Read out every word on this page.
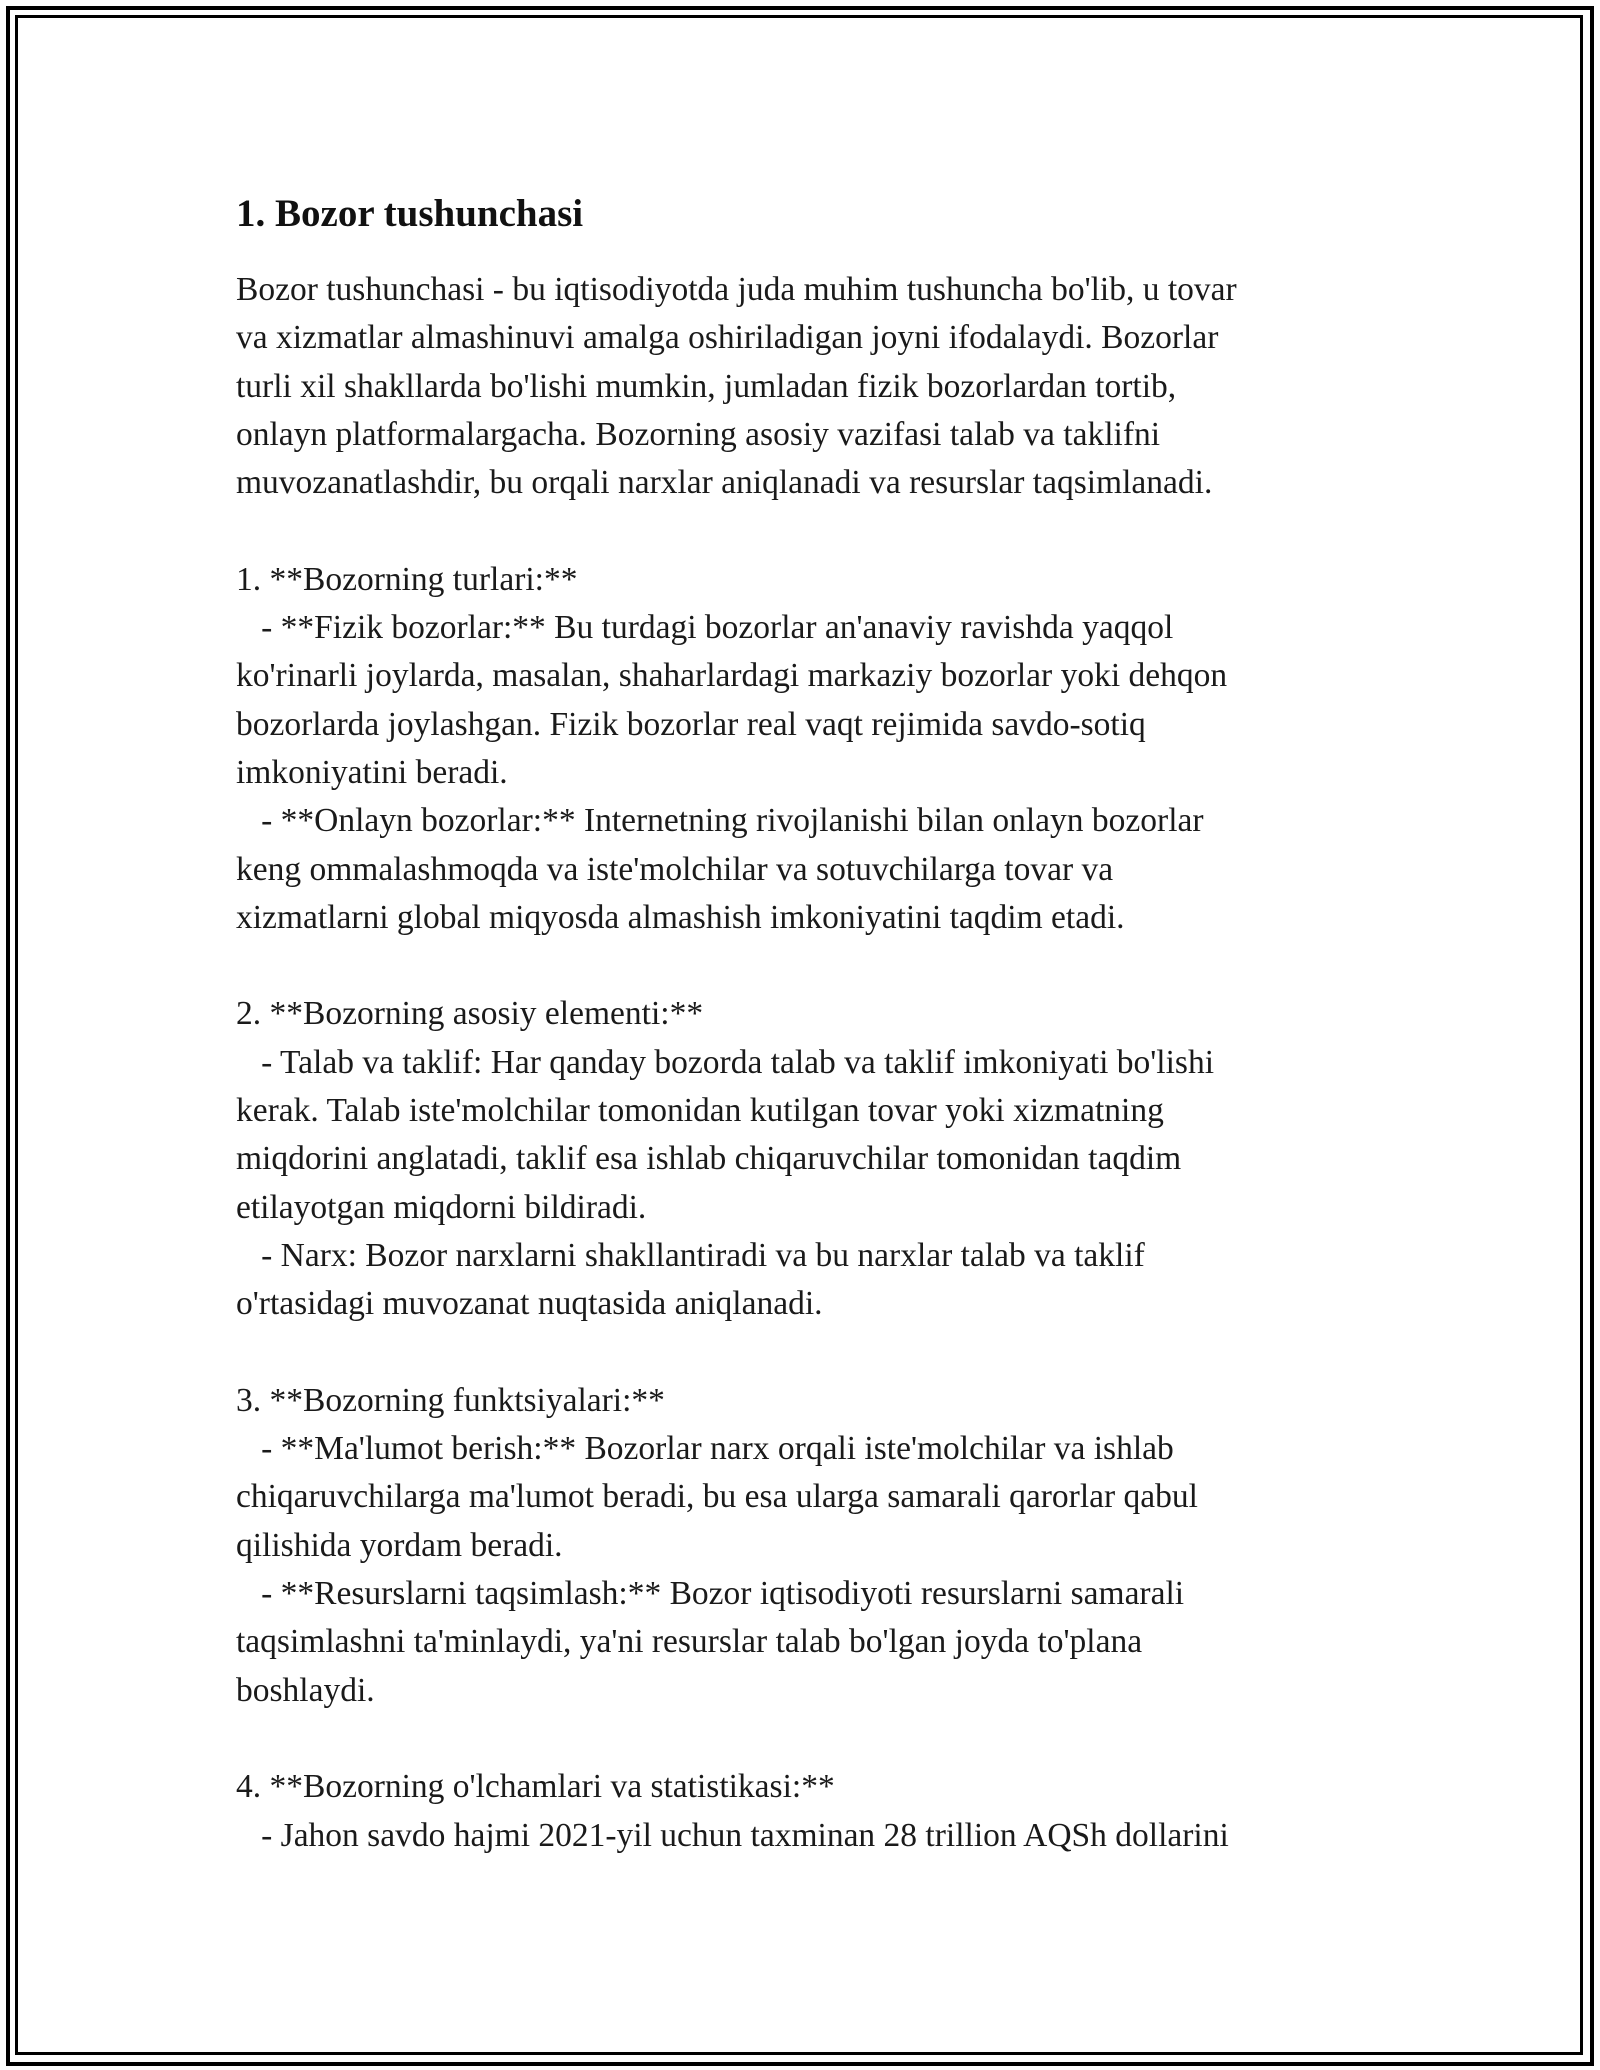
1. Bozor tushunchasi
Bozor tushunchasi - bu iqtisodiyotda juda muhim tushuncha bo'lib, u tovar
va xizmatlar almashinuvi amalga oshiriladigan joyni ifodalaydi. Bozorlar
turli xil shakllarda bo'lishi mumkin, jumladan fizik bozorlardan tortib,
onlayn platformalargacha. Bozorning asosiy vazifasi talab va taklifni
muvozanatlashdir, bu orqali narxlar aniqlanadi va resurslar taqsimlanadi.
1. **Bozorning turlari:**
- **Fizik bozorlar:** Bu turdagi bozorlar an'anaviy ravishda yaqqol
ko'rinarli joylarda, masalan, shaharlardagi markaziy bozorlar yoki dehqon
bozorlarda joylashgan. Fizik bozorlar real vaqt rejimida savdo-sotiq
imkoniyatini beradi.
- **Onlayn bozorlar:** Internetning rivojlanishi bilan onlayn bozorlar
keng ommalashmoqda va iste'molchilar va sotuvchilarga tovar va
xizmatlarni global miqyosda almashish imkoniyatini taqdim etadi.
2. **Bozorning asosiy elementi:**
- Talab va taklif: Har qanday bozorda talab va taklif imkoniyati bo'lishi
kerak. Talab iste'molchilar tomonidan kutilgan tovar yoki xizmatning
miqdorini anglatadi, taklif esa ishlab chiqaruvchilar tomonidan taqdim
etilayotgan miqdorni bildiradi.
- Narx: Bozor narxlarni shakllantiradi va bu narxlar talab va taklif
o'rtasidagi muvozanat nuqtasida aniqlanadi.
3. **Bozorning funktsiyalari:**
- **Ma'lumot berish:** Bozorlar narx orqali iste'molchilar va ishlab
chiqaruvchilarga ma'lumot beradi, bu esa ularga samarali qarorlar qabul
qilishida yordam beradi.
- **Resurslarni taqsimlash:** Bozor iqtisodiyoti resurslarni samarali
taqsimlashni ta'minlaydi, ya'ni resurslar talab bo'lgan joyda to'plana
boshlaydi.
4. **Bozorning o'lchamlari va statistikasi:**
- Jahon savdo hajmi 2021-yil uchun taxminan 28 trillion AQSh dollarini
